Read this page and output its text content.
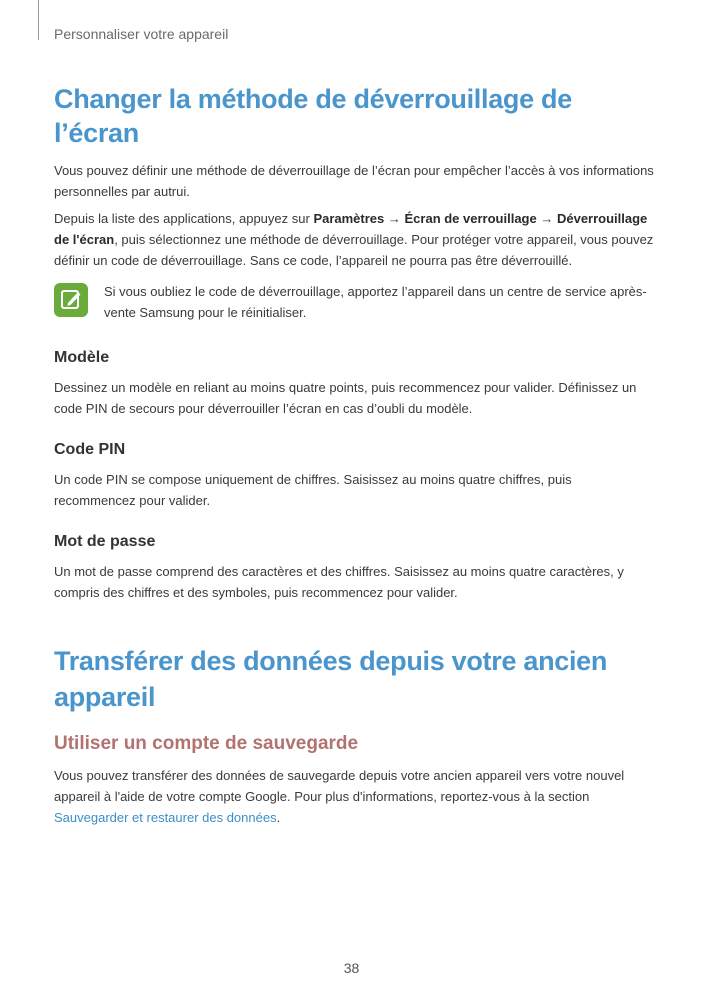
Personnaliser votre appareil
Changer la méthode de déverrouillage de l’écran

Vous pouvez définir une méthode de déverrouillage de l’écran pour empêcher l’accès à vos informations personnelles par autrui.

Depuis la liste des applications, appuyez sur Paramètres → Écran de verrouillage → Déverrouillage de l'écran, puis sélectionnez une méthode de déverrouillage. Pour protéger votre appareil, vous pouvez définir un code de déverrouillage. Sans ce code, l’appareil ne pourra pas être déverrouillé.

Si vous oubliez le code de déverrouillage, apportez l’appareil dans un centre de service après-vente Samsung pour le réinitialiser.
Modèle

Dessinez un modèle en reliant au moins quatre points, puis recommencez pour valider. Définissez un code PIN de secours pour déverrouiller l’écran en cas d’oubli du modèle.

Code PIN

Un code PIN se compose uniquement de chiffres. Saisissez au moins quatre chiffres, puis recommencez pour valider.

Mot de passe

Un mot de passe comprend des caractères et des chiffres. Saisissez au moins quatre caractères, y compris des chiffres et des symboles, puis recommencez pour valider.

Transférer des données depuis votre ancien appareil
Utiliser un compte de sauvegarde

Vous pouvez transférer des données de sauvegarde depuis votre ancien appareil vers votre nouvel appareil à l'aide de votre compte Google. Pour plus d'informations, reportez-vous à la section Sauvegarder et restaurer des données.

38
